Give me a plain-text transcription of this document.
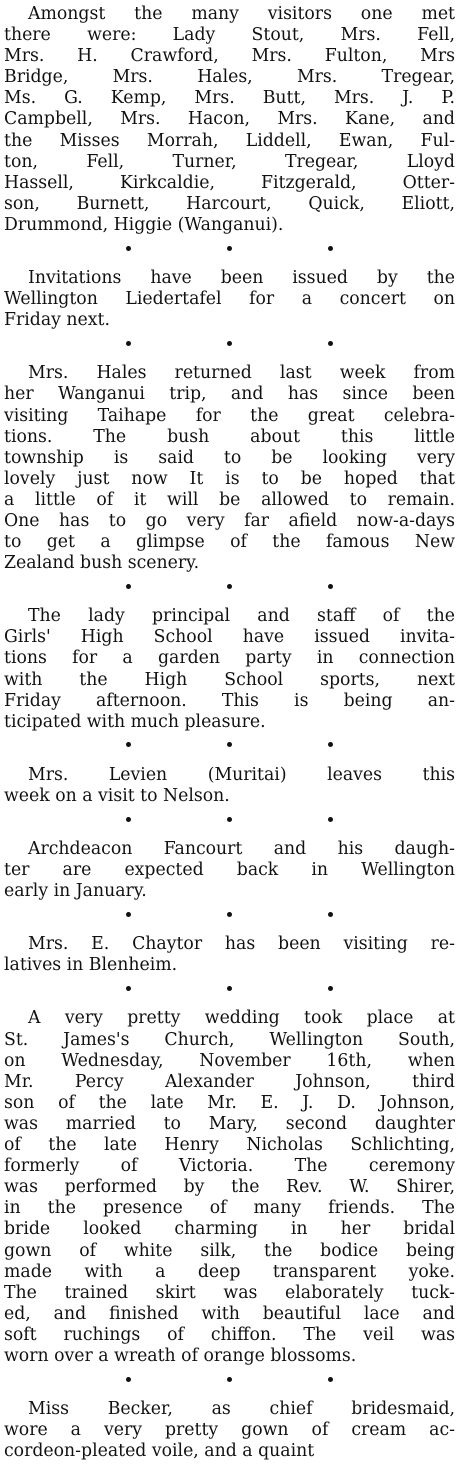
Amongst the many visitors one met
there were: Lady Stout, Mrs. Fell,
Mrs. H. Crawford, Mrs. Fulton, Mrs
Bridge, Mrs. Hales, Mrs. Tregear,
Ms. G. Kemp, Mrs. Butt, Mrs. J. P.
Campbell, Mrs. Hacon, Mrs. Kane, and
the Misses Morrah, Liddell, Ewan, Ful-
ton, Fell, Turner, Tregear, Lloyd
Hassell, Kirkcaldie, Fitzgerald, Otter-
son, Burnett, Harcourt, Quick, Eliott,
Drummond, Higgie (Wanganui).
Invitations have been issued by the
Wellington Liedertafel for a concert on
Friday next.
Mrs. Hales returned last week from
her Wanganui trip, and has since been
visiting Taihape for the great celebra-
tions. The bush about this little
township is said to be looking very
lovely just now It is to be hoped that
a little of it will be allowed to remain.
One has to go very far afield now-a-days
to get a glimpse of the famous New
Zealand bush scenery.
The lady principal and staff of the
Girls' High School have issued invita-
tions for a garden party in connection
with the High School sports, next
Friday afternoon. This is being an-
ticipated with much pleasure.
Mrs. Levien (Muritai) leaves this
week on a visit to Nelson.
Archdeacon Fancourt and his daugh-
ter are expected back in Wellington
early in January.
Mrs. E. Chaytor has been visiting re-
latives in Blenheim.
A very pretty wedding took place at
St. James's Church, Wellington South,
on Wednesday, November 16th, when
Mr. Percy Alexander Johnson, third
son of the late Mr. E. J. D. Johnson,
was married to Mary, second daughter
of the late Henry Nicholas Schlichting,
formerly of Victoria. The ceremony
was performed by the Rev. W. Shirer,
in the presence of many friends. The
bride looked charming in her bridal
gown of white silk, the bodice being
made with a deep transparent yoke.
The trained skirt was elaborately tuck-
ed, and finished with beautiful lace and
soft ruchings of chiffon. The veil was
worn over a wreath of orange blossoms.
Miss Becker, as chief bridesmaid,
wore a very pretty gown of cream ac-
cordeon-pleated voile, and a quaint
